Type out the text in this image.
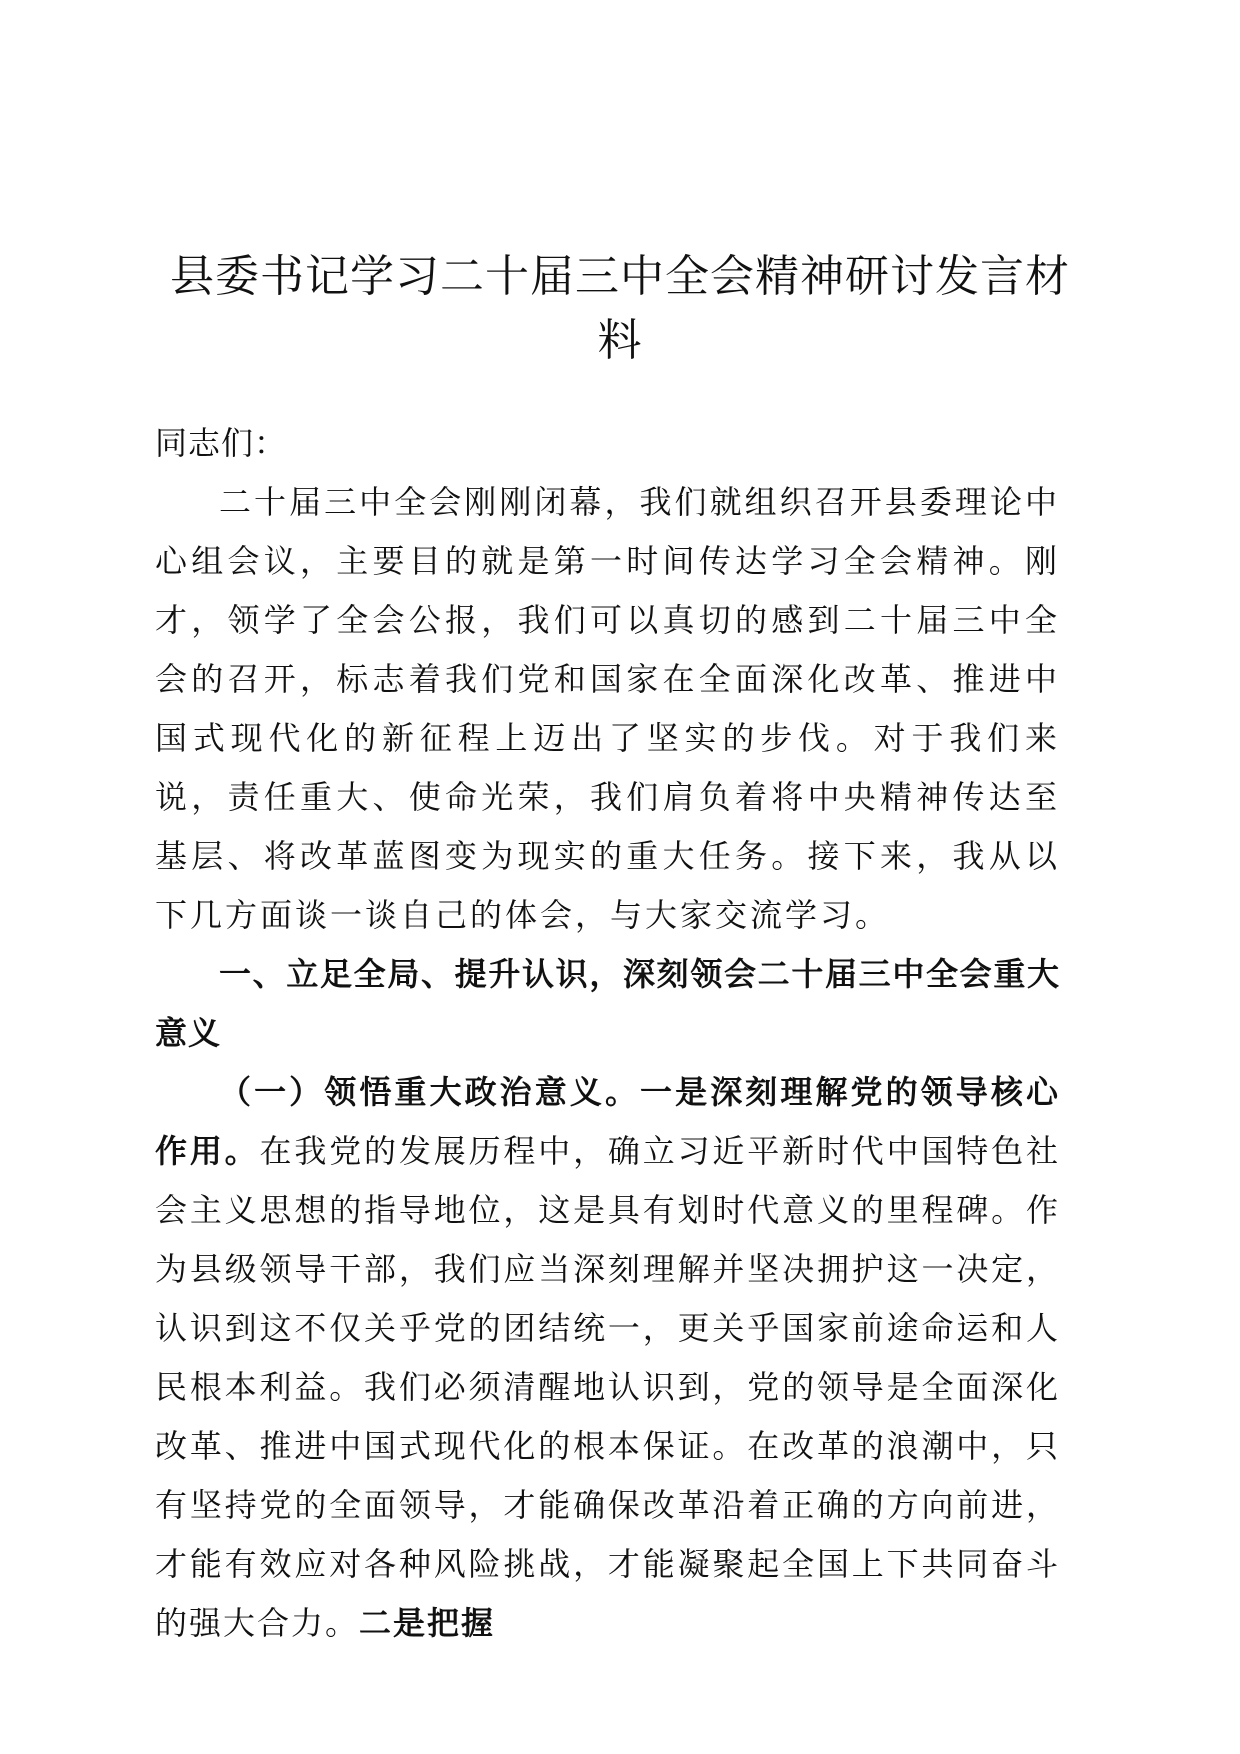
县委书记学习二十届三中全会精神研讨发言材料

同志们：

二十届三中全会刚刚闭幕，我们就组织召开县委理论中心组会议，主要目的就是第一时间传达学习全会精神。刚才，领学了全会公报，我们可以真切的感到二十届三中全会的召开，标志着我们党和国家在全面深化改革、推进中国式现代化的新征程上迈出了坚实的步伐。对于我们来说，责任重大、使命光荣，我们肩负着将中央精神传达至基层、将改革蓝图变为现实的重大任务。接下来，我从以下几方面谈一谈自己的体会，与大家交流学习。

一、立足全局、提升认识，深刻领会二十届三中全会重大意义

（一）领悟重大政治意义。一是深刻理解党的领导核心作用。在我党的发展历程中，确立习近平新时代中国特色社会主义思想的指导地位，这是具有划时代意义的里程碑。作为县级领导干部，我们应当深刻理解并坚决拥护这一决定，认识到这不仅关乎党的团结统一，更关乎国家前途命运和人民根本利益。我们必须清醒地认识到，党的领导是全面深化改革、推进中国式现代化的根本保证。在改革的浪潮中，只有坚持党的全面领导，才能确保改革沿着正确的方向前进，才能有效应对各种风险挑战，才能凝聚起全国上下共同奋斗的强大合力。二是把握
